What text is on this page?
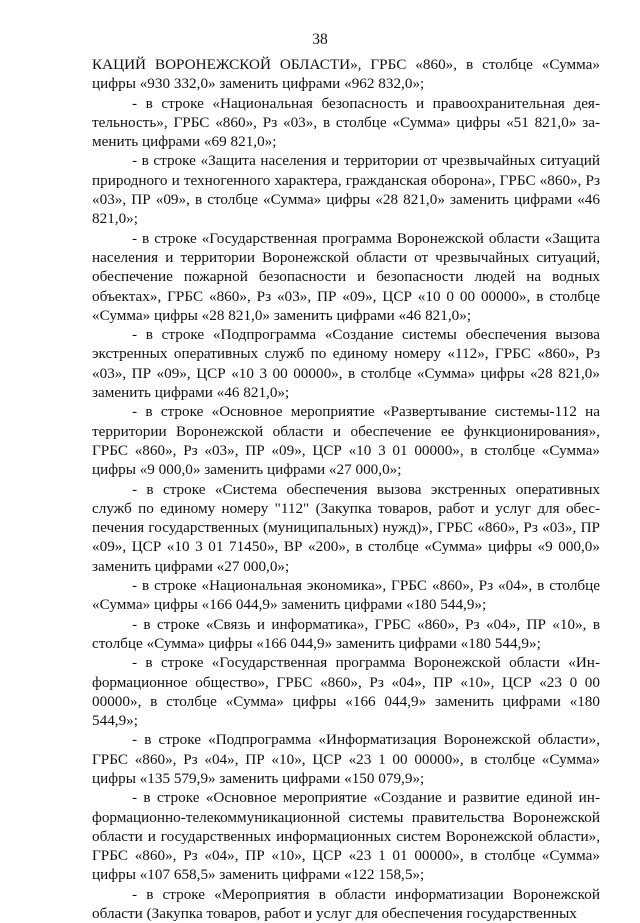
38

КАЦИЙ ВОРОНЕЖСКОЙ ОБЛАСТИ», ГРБС «860», в столбце «Сумма» цифры «930 332,0» заменить цифрами «962 832,0»;

- в строке «Национальная безопасность и правоохранительная деятельность», ГРБС «860», Рз «03», в столбце «Сумма» цифры «51 821,0» заменить цифрами «69 821,0»;

- в строке «Защита населения и территории от чрезвычайных ситуаций природного и техногенного характера, гражданская оборона», ГРБС «860», Рз «03», ПР «09», в столбце «Сумма» цифры «28 821,0» заменить цифрами «46 821,0»;

- в строке «Государственная программа Воронежской области «Защита населения и территории Воронежской области от чрезвычайных ситуаций, обеспечение пожарной безопасности и безопасности людей на водных объектах», ГРБС «860», Рз «03», ПР «09», ЦСР «10 0 00 00000», в столбце «Сумма» цифры «28 821,0» заменить цифрами «46 821,0»;

- в строке «Подпрограмма «Создание системы обеспечения вызова экстренных оперативных служб по единому номеру «112», ГРБС «860», Рз «03», ПР «09», ЦСР «10 3 00 00000», в столбце «Сумма» цифры «28 821,0» заменить цифрами «46 821,0»;

- в строке «Основное мероприятие «Развертывание системы-112 на территории Воронежской области и обеспечение ее функционирования», ГРБС «860», Рз «03», ПР «09», ЦСР «10 3 01 00000», в столбце «Сумма» цифры «9 000,0» заменить цифрами «27 000,0»;

- в строке «Система обеспечения вызова экстренных оперативных служб по единому номеру "112" (Закупка товаров, работ и услуг для обеспечения государственных (муниципальных) нужд)», ГРБС «860», Рз «03», ПР «09», ЦСР «10 3 01 71450», ВР «200», в столбце «Сумма» цифры «9 000,0» заменить цифрами «27 000,0»;

- в строке «Национальная экономика», ГРБС «860», Рз «04», в столбце «Сумма» цифры «166 044,9» заменить цифрами «180 544,9»;

- в строке «Связь и информатика», ГРБС «860», Рз «04», ПР «10», в столбце «Сумма» цифры «166 044,9» заменить цифрами «180 544,9»;

- в строке «Государственная программа Воронежской области «Информационное общество», ГРБС «860», Рз «04», ПР «10», ЦСР «23 0 00 00000», в столбце «Сумма» цифры «166 044,9» заменить цифрами «180 544,9»;

- в строке «Подпрограмма «Информатизация Воронежской области», ГРБС «860», Рз «04», ПР «10», ЦСР «23 1 00 00000», в столбце «Сумма» цифры «135 579,9» заменить цифрами «150 079,9»;

- в строке «Основное мероприятие «Создание и развитие единой информационно-телекоммуникационной системы правительства Воронежской области и государственных информационных систем Воронежской области», ГРБС «860», Рз «04», ПР «10», ЦСР «23 1 01 00000», в столбце «Сумма» цифры «107 658,5» заменить цифрами «122 158,5»;

- в строке «Мероприятия в области информатизации Воронежской области (Закупка товаров, работ и услуг для обеспечения государственных
